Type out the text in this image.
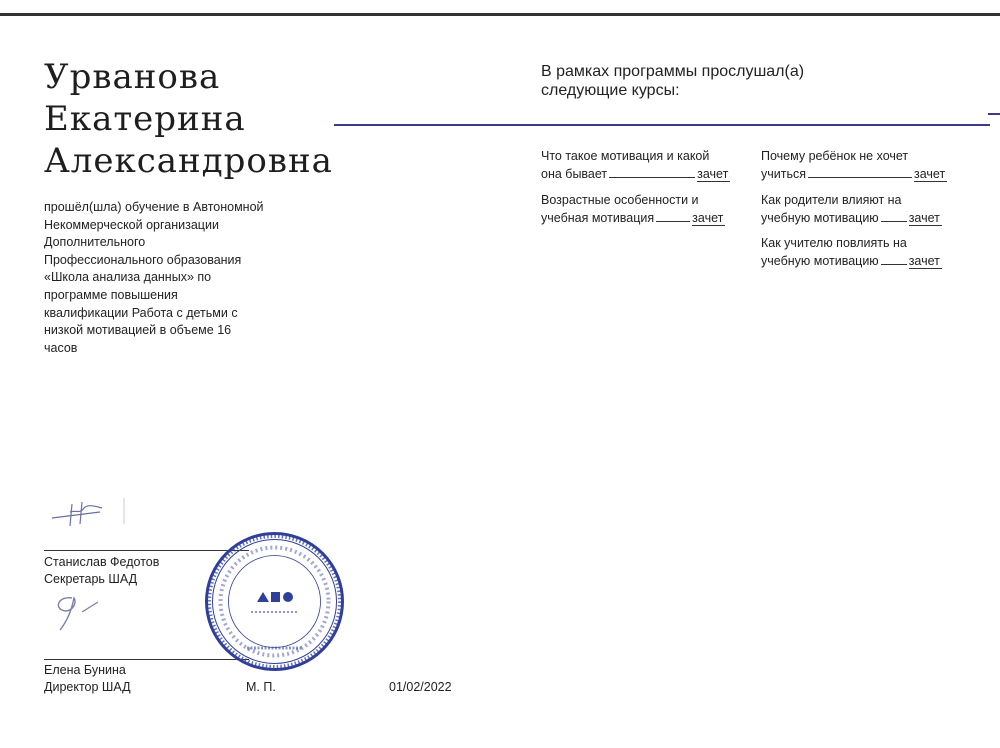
Урванова
Екатерина
Александровна
прошёл(шла) обучение в Автономной
Некоммерческой организации
Дополнительного
Профессионального образования
«Школа анализа данных» по
программе повышения
квалификации Работа с детьми с
низкой мотивацией в объеме 16
часов
В рамках программы прослушал(а)
следующие курсы:
Что такое мотивация и какой
она бывает	зачет
Возрастные особенности и
учебная мотивация	зачет
Почему ребёнок не хочет
учиться	зачет
Как родители влияют на
учебную мотивацию зачет
Как учителю повлиять на
учебную мотивацию зачет
Станислав Федотов
Секретарь ШАД
Елена Бунина
Директор ШАД	М. П.	01/02/2022
